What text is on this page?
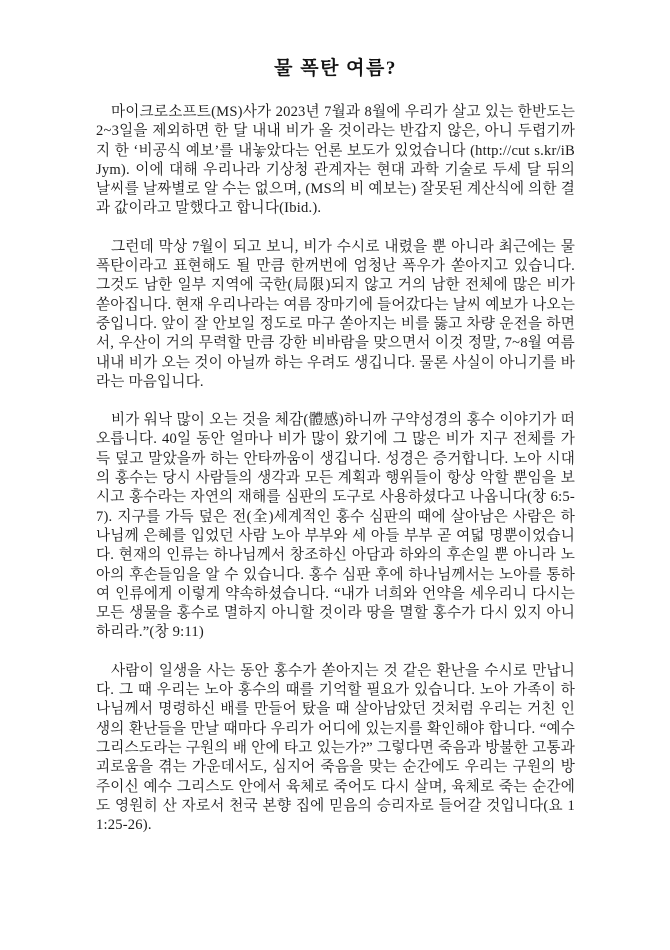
물 폭탄 여름?

마이크로소프트(MS)사가 2023년 7월과 8월에 우리가 살고 있는 한반도는 2~3일을 제외하면 한 달 내내 비가 올 것이라는 반갑지 않은, 아니 두렵기까지 한 ‘비공식 예보’를 내놓았다는 언론 보도가 있었습니다 (http://cut s.kr/iBJym). 이에 대해 우리나라 기상청 관계자는 현대 과학 기술로 두세 달 뒤의 날씨를 날짜별로 알 수는 없으며, (MS의 비 예보는) 잘못된 계산식에 의한 결과 값이라고 말했다고 합니다(Ibid.).

그런데 막상 7월이 되고 보니, 비가 수시로 내렸을 뿐 아니라 최근에는 물 폭탄이라고 표현해도 될 만큼 한꺼번에 엄청난 폭우가 쏟아지고 있습니다. 그것도 남한 일부 지역에 국한(局限)되지 않고 거의 남한 전체에 많은 비가 쏟아집니다. 현재 우리나라는 여름 장마기에 들어갔다는 날씨 예보가 나오는 중입니다. 앞이 잘 안보일 정도로 마구 쏟아지는 비를 뚫고 차량 운전을 하면서, 우산이 거의 무력할 만큼 강한 비바람을 맞으면서 이것 정말, 7~8월 여름 내내 비가 오는 것이 아닐까 하는 우려도 생깁니다. 물론 사실이 아니기를 바라는 마음입니다.

비가 워낙 많이 오는 것을 체감(體感)하니까 구약성경의 홍수 이야기가 떠오릅니다. 40일 동안 얼마나 비가 많이 왔기에 그 많은 비가 지구 전체를 가득 덮고 말았을까 하는 안타까움이 생깁니다. 성경은 증거합니다. 노아 시대의 홍수는 당시 사람들의 생각과 모든 계획과 행위들이 항상 악할 뿐임을 보시고 홍수라는 자연의 재해를 심판의 도구로 사용하셨다고 나옵니다(창 6:5-7). 지구를 가득 덮은 전(全)세계적인 홍수 심판의 때에 살아남은 사람은 하나님께 은혜를 입었던 사람 노아 부부와 세 아들 부부 곧 여덟 명뿐이었습니다. 현재의 인류는 하나님께서 창조하신 아담과 하와의 후손일 뿐 아니라 노아의 후손들임을 알 수 있습니다. 홍수 심판 후에 하나님께서는 노아를 통하여 인류에게 이렇게 약속하셨습니다. “내가 너희와 언약을 세우리니 다시는 모든 생물을 홍수로 멸하지 아니할 것이라 땅을 멸할 홍수가 다시 있지 아니하리라.”(창 9:11)

사람이 일생을 사는 동안 홍수가 쏟아지는 것 같은 환난을 수시로 만납니다. 그 때 우리는 노아 홍수의 때를 기억할 필요가 있습니다. 노아 가족이 하나님께서 명령하신 배를 만들어 탔을 때 살아남았던 것처럼 우리는 거친 인생의 환난들을 만날 때마다 우리가 어디에 있는지를 확인해야 합니다. “예수 그리스도라는 구원의 배 안에 타고 있는가?” 그렇다면 죽음과 방불한 고통과 괴로움을 겪는 가운데서도, 심지어 죽음을 맞는 순간에도 우리는 구원의 방주이신 예수 그리스도 안에서 육체로 죽어도 다시 살며, 육체로 죽는 순간에도 영원히 산 자로서 천국 본향 집에 믿음의 승리자로 들어갈 것입니다(요 11:25-26).
